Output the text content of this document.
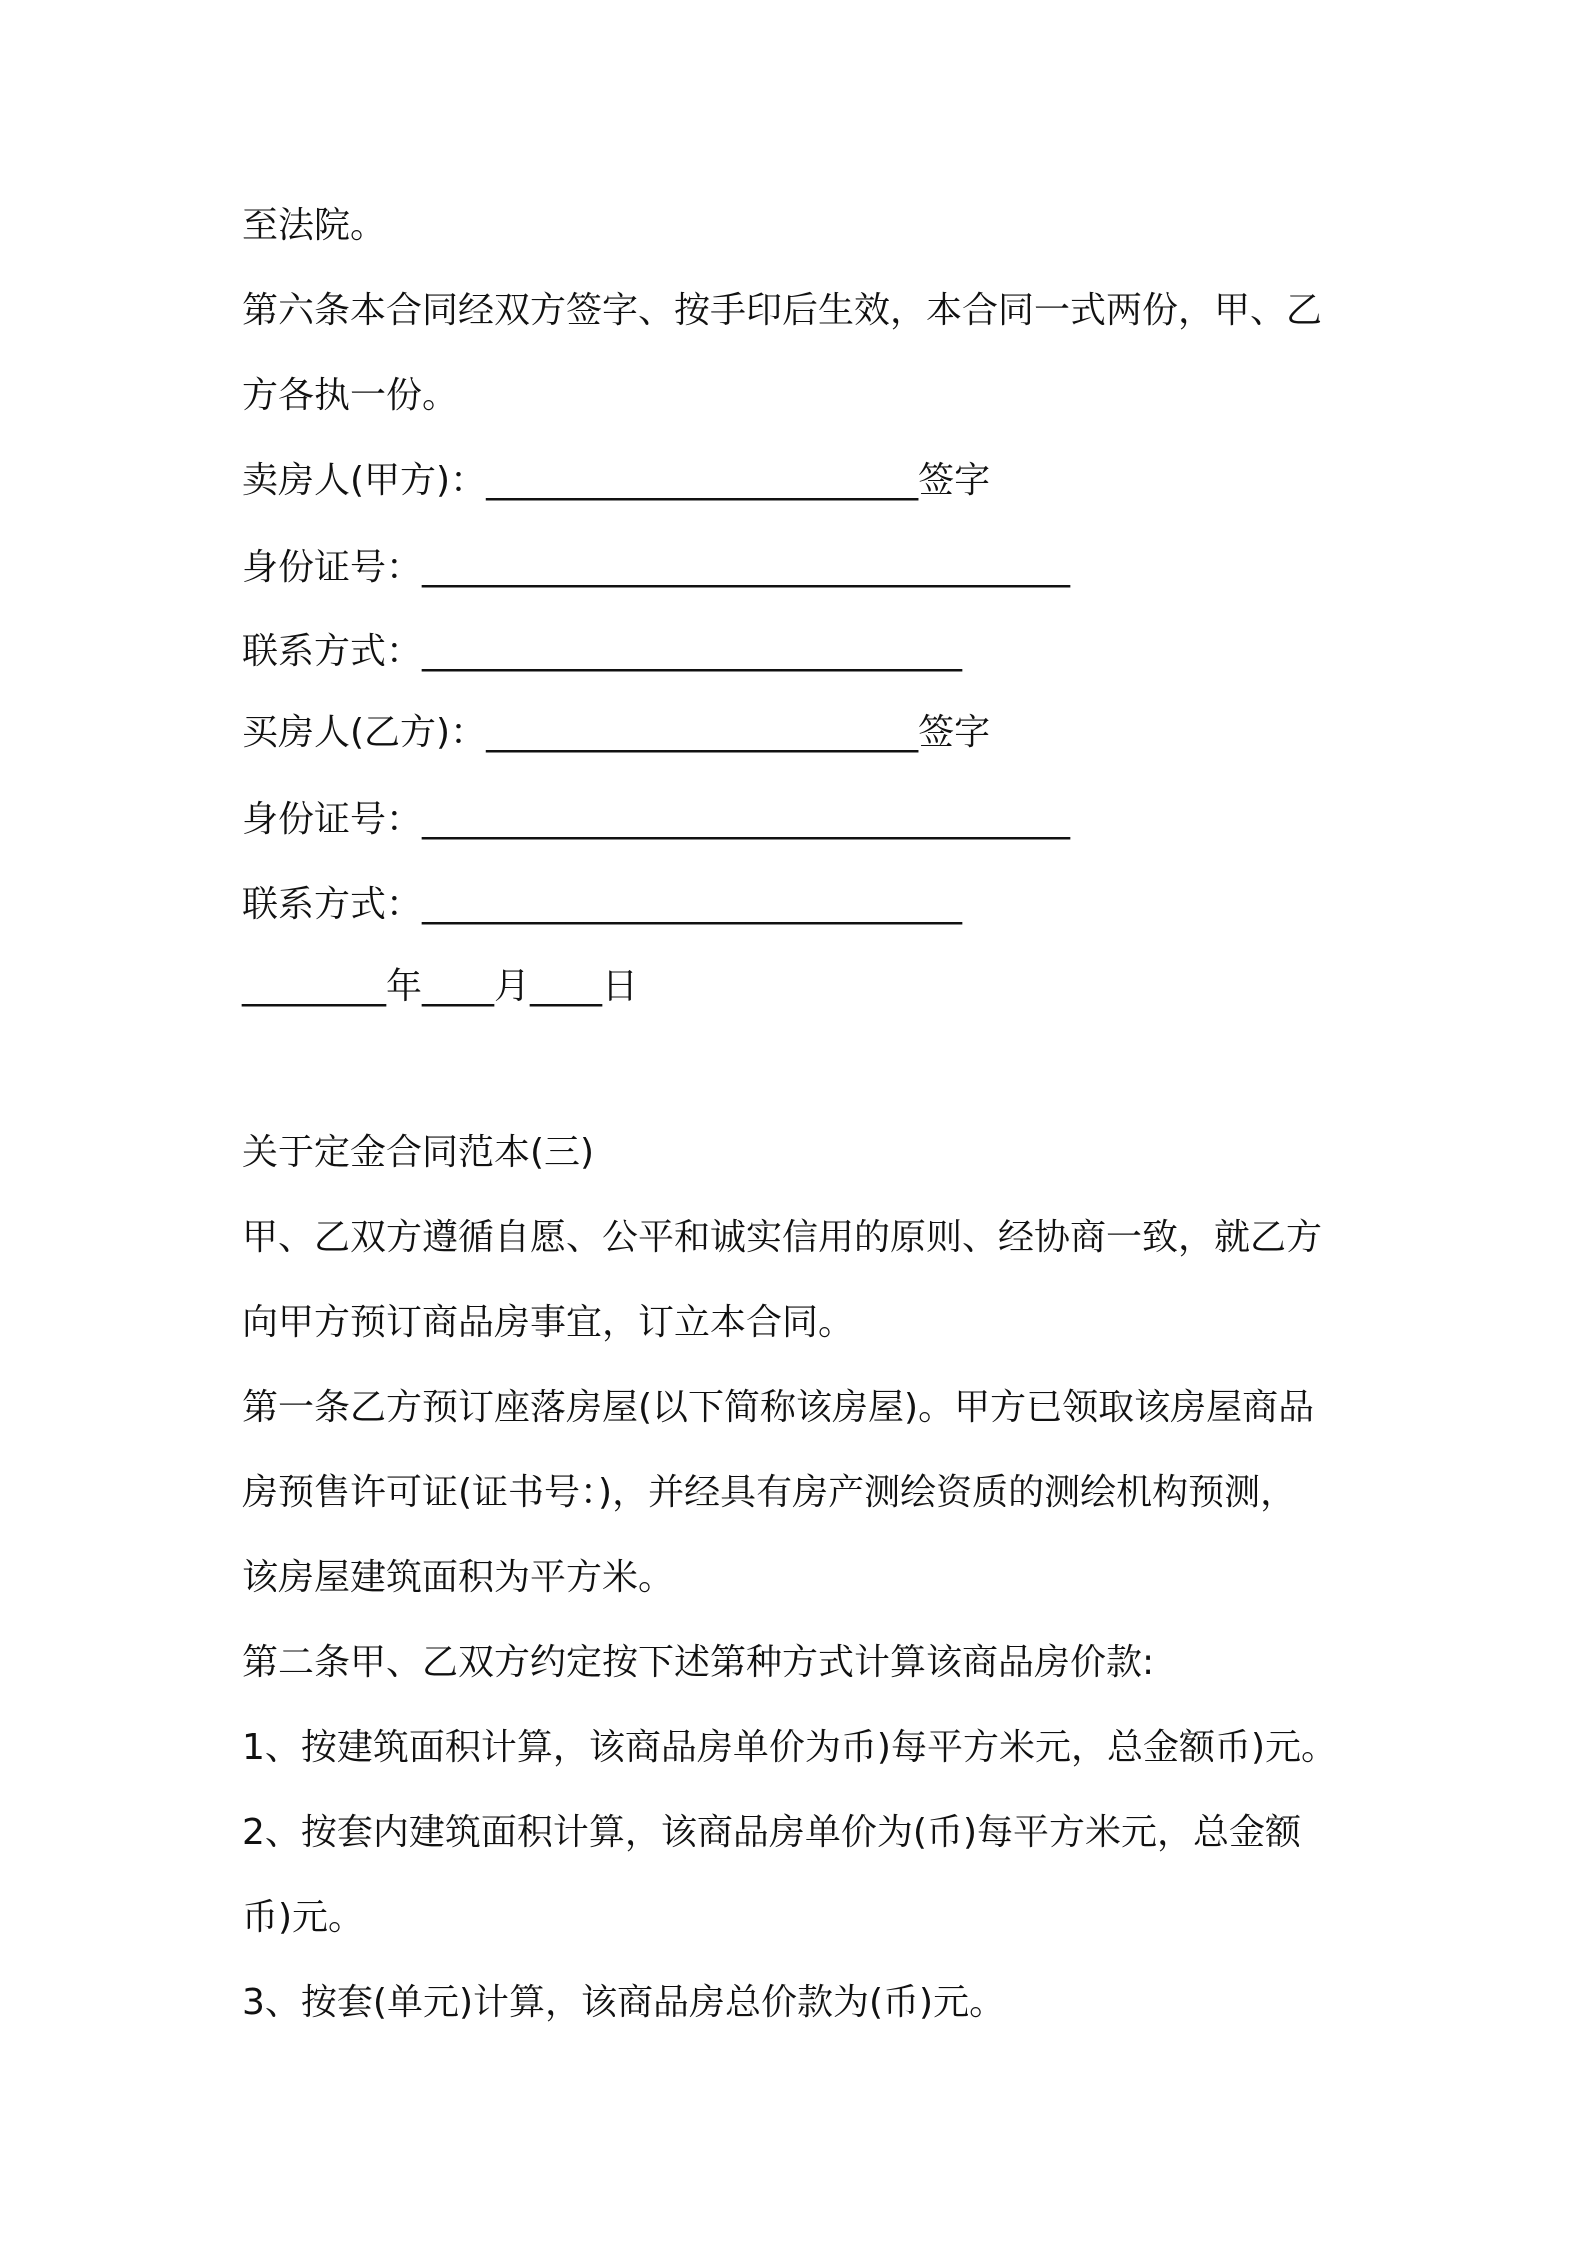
至法院。
第六条本合同经双方签字、按手印后生效，本合同一式两份，甲、乙
方各执一份。
卖房人(甲方)：________________________签字
身份证号：____________________________________
联系方式：______________________________
买房人(乙方)：________________________签字
身份证号：____________________________________
联系方式：______________________________
________年____月____日
关于定金合同范本(三)
甲、乙双方遵循自愿、公平和诚实信用的原则、经协商一致，就乙方
向甲方预订商品房事宜，订立本合同。
第一条乙方预订座落房屋(以下简称该房屋)。甲方已领取该房屋商品
房预售许可证(证书号：)，并经具有房产测绘资质的测绘机构预测，
该房屋建筑面积为平方米。
第二条甲、乙双方约定按下述第种方式计算该商品房价款:
1、按建筑面积计算，该商品房单价为币)每平方米元，总金额币)元。
2、按套内建筑面积计算，该商品房单价为(币)每平方米元，总金额
币)元。
3、按套(单元)计算，该商品房总价款为(币)元。
